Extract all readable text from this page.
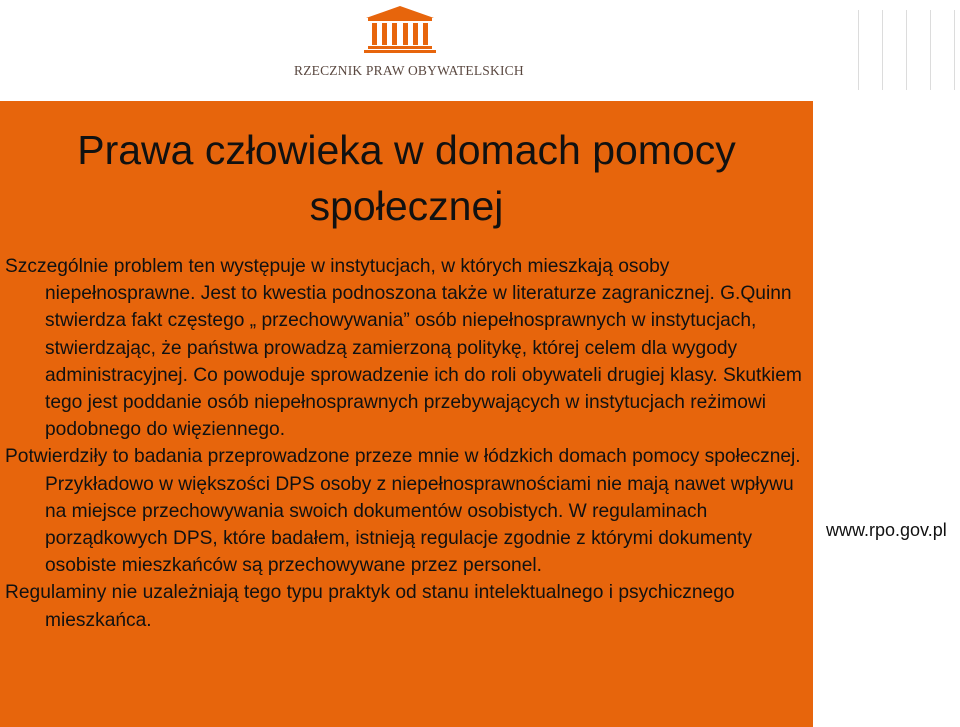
RZECZNIK PRAW OBYWATELSKICH
Prawa człowieka w domach pomocy społecznej

Szczególnie problem ten występuje w instytucjach, w których mieszkają osoby niepełnosprawne. Jest to kwestia podnoszona także w literaturze zagranicznej. G.Quinn stwierdza fakt częstego „ przechowywania” osób niepełnosprawnych w instytucjach, stwierdzając, że państwa prowadzą zamierzoną politykę, której celem dla wygody administracyjnej. Co powoduje sprowadzenie ich do roli obywateli drugiej klasy. Skutkiem tego jest poddanie osób niepełnosprawnych przebywających w instytucjach reżimowi podobnego do więziennego.

Potwierdziły to badania przeprowadzone przeze mnie w łódzkich domach pomocy społecznej. Przykładowo w większości DPS osoby z niepełnosprawnościami nie mają nawet wpływu na miejsce przechowywania swoich dokumentów osobistych. W regulaminach porządkowych DPS, które badałem, istnieją regulacje zgodnie z którymi dokumenty osobiste mieszkańców są przechowywane przez personel.

Regulaminy nie uzależniają tego typu praktyk od stanu intelektualnego i psychicznego mieszkańca.

www.rpo.gov.pl
